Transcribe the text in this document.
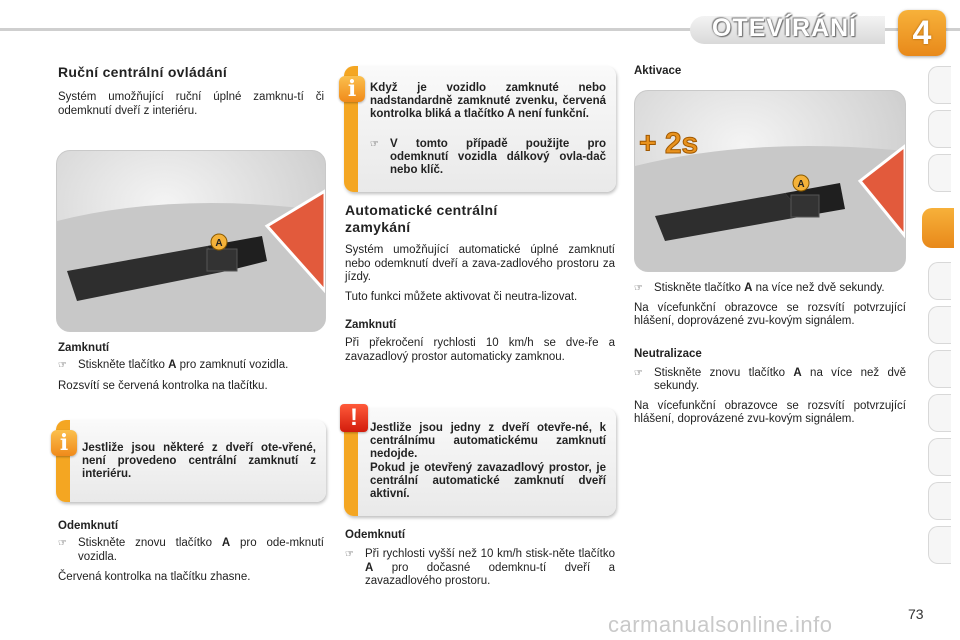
OTEVÍRÁNÍ	4
Ruční centrální ovládání

Systém umožňující ruční úplné zamknu-tí či odemknutí dveří z interiéru.

A
Zamknutí
☞ Stiskněte tlačítko A pro zamknutí vozidla.

Rozsvítí se červená kontrolka na tlačítku.

Jestliže jsou některé z dveří ote-vřené, není provedeno centrální zamknutí z interiéru.
i
Odemknutí
☞ Stiskněte znovu tlačítko A pro ode-mknutí vozidla.

Červená kontrolka na tlačítku zhasne.

Když je vozidlo zamknuté nebo nadstandardně zamknuté zvenku, červená kontrolka bliká a tlačítko A není funkční.
☞ V tomto případě použijte pro odemknutí vozidla dálkový ovla-dač nebo klíč.
i
Automatické centrální zamykání

Systém umožňující automatické úplné zamknutí nebo odemknutí dveří a zava-zadlového prostoru za jízdy.

Tuto funkci můžete aktivovat či neutra-lizovat.

Zamknutí

Při překročení rychlosti 10 km/h se dve-ře a zavazadlový prostor automaticky zamknou.

Jestliže jsou jedny z dveří otevře-né, k centrálnímu automatickému zamknutí nedojde.
Pokud je otevřený zavazadlový prostor, je centrální automatické zamknutí dveří aktivní.
!
Odemknutí
☞ Při rychlosti vyšší než 10 km/h stisk-něte tlačítko A pro dočasné odemknu-tí dveří a zavazadlového prostoru.
Aktivace
A
+ 2s
☞ Stiskněte tlačítko A na více než dvě sekundy.

Na vícefunkční obrazovce se rozsvítí potvrzující hlášení, doprovázené zvu-kovým signálem.

Neutralizace
☞ Stiskněte znovu tlačítko A na více než dvě sekundy.

Na vícefunkční obrazovce se rozsvítí potvrzující hlášení, doprovázené zvu-kovým signálem.

carmanualsonline.info	73
